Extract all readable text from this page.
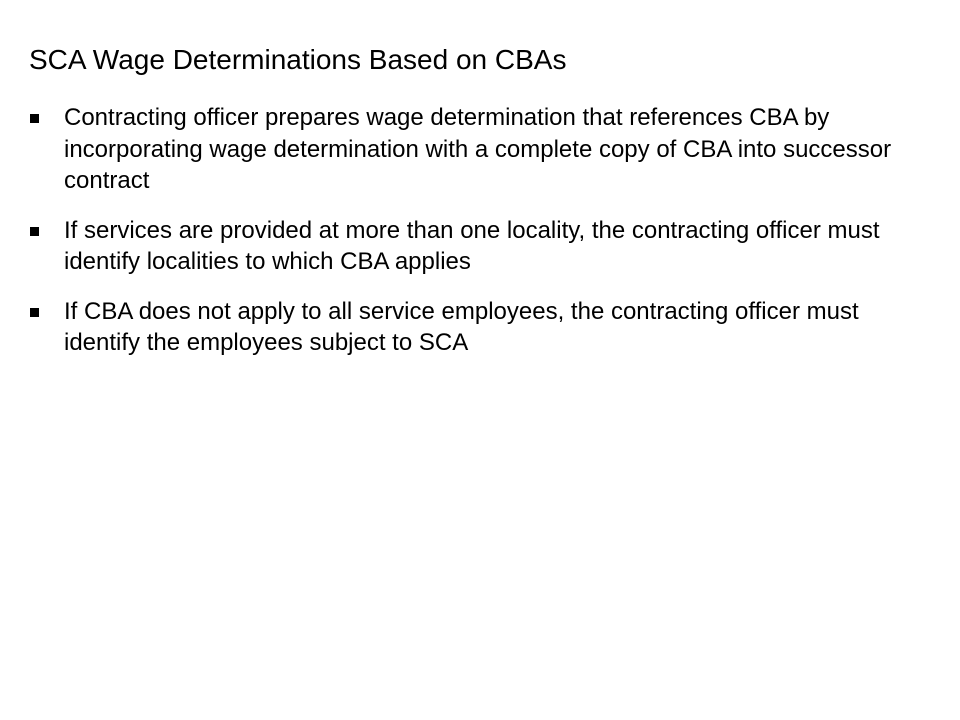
SCA Wage Determinations Based on CBAs
Contracting officer prepares wage determination that references CBA by incorporating wage determination with a complete copy of CBA into successor contract
If services are provided at more than one locality, the contracting officer must identify localities to which CBA applies
If CBA does not apply to all service employees, the contracting officer must identify the employees subject to SCA
